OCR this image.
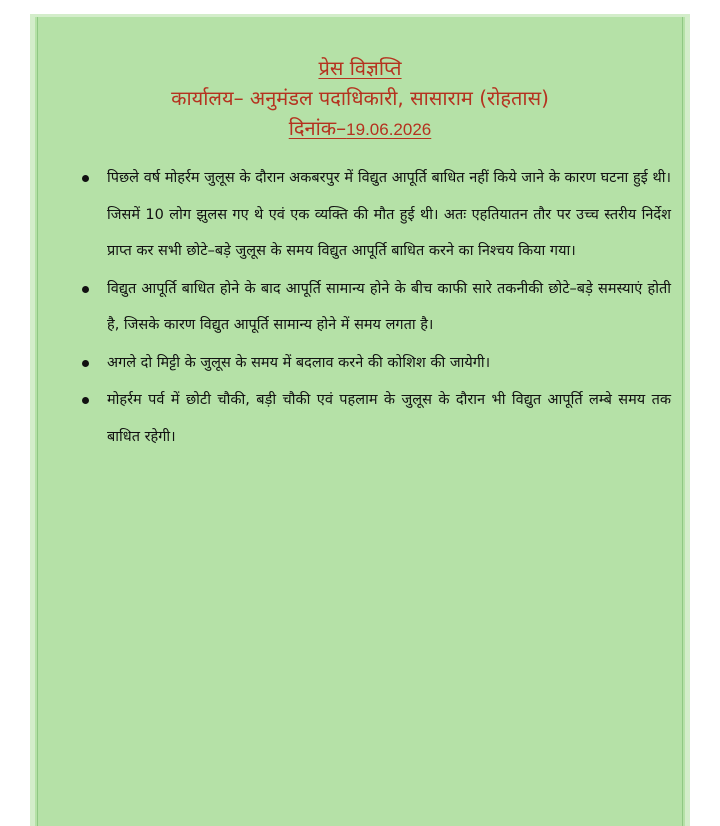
प्रेस विज्ञप्ति
कार्यालय– अनुमंडल पदाधिकारी, सासाराम (रोहतास)
दिनांक–19.06.2026
पिछले वर्ष मोहर्रम जुलूस के दौरान अकबरपुर में विद्युत आपूर्ति बाधित नहीं किये जाने के कारण घटना हुई थी। जिसमें 10 लोग झुलस गए थे एवं एक व्यक्ति की मौत हुई थी। अतः एहतियातन तौर पर उच्च स्तरीय निर्देश प्राप्त कर सभी छोटे–बड़े जुलूस के समय विद्युत आपूर्ति बाधित करने का निश्चय किया गया।
विद्युत आपूर्ति बाधित होने के बाद आपूर्ति सामान्य होने के बीच काफी सारे तकनीकी छोटे–बड़े समस्याएं होती है, जिसके कारण विद्युत आपूर्ति सामान्य होने में समय लगता है।
अगले दो मिट्टी के जुलूस के समय में बदलाव करने की कोशिश की जायेगी।
मोहर्रम पर्व में छोटी चौकी, बड़ी चौकी एवं पहलाम के जुलूस के दौरान भी विद्युत आपूर्ति लम्बे समय तक बाधित रहेगी।
